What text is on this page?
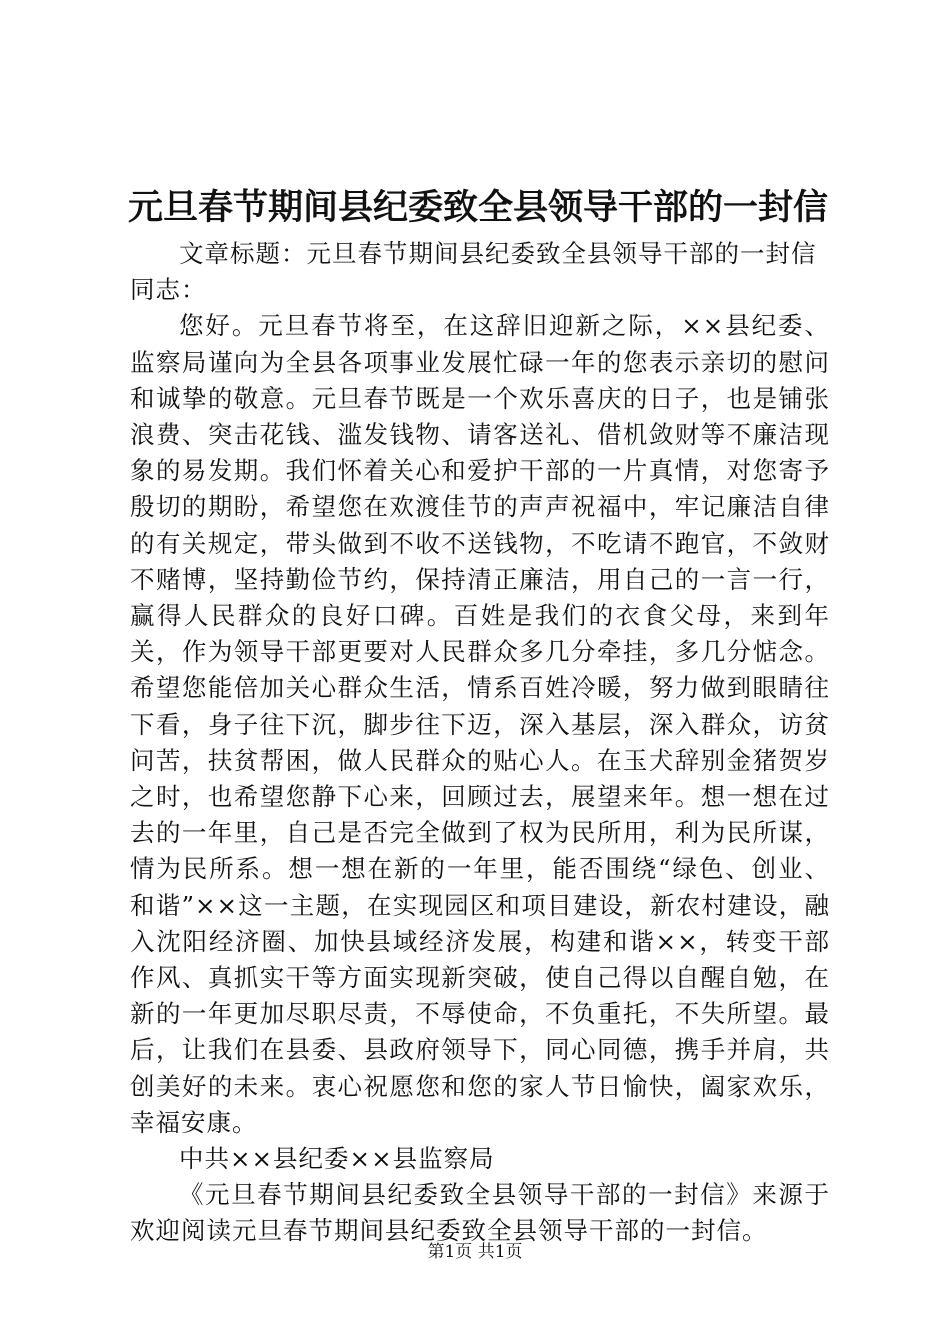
元旦春节期间县纪委致全县领导干部的一封信

文章标题：元旦春节期间县纪委致全县领导干部的一封信

同志：

您好。元旦春节将至，在这辞旧迎新之际，××县纪委、监察局谨向为全县各项事业发展忙碌一年的您表示亲切的慰问和诚挚的敬意。元旦春节既是一个欢乐喜庆的日子，也是铺张浪费、突击花钱、滥发钱物、请客送礼、借机敛财等不廉洁现象的易发期。我们怀着关心和爱护干部的一片真情，对您寄予殷切的期盼，希望您在欢渡佳节的声声祝福中，牢记廉洁自律的有关规定，带头做到不收不送钱物，不吃请不跑官，不敛财不赌博，坚持勤俭节约，保持清正廉洁，用自己的一言一行，赢得人民群众的良好口碑。百姓是我们的衣食父母，来到年关，作为领导干部更要对人民群众多几分牵挂，多几分惦念。希望您能倍加关心群众生活，情系百姓冷暖，努力做到眼睛往下看，身子往下沉，脚步往下迈，深入基层，深入群众，访贫问苦，扶贫帮困，做人民群众的贴心人。在玉犬辞别金猪贺岁之时，也希望您静下心来，回顾过去，展望来年。想一想在过去的一年里，自己是否完全做到了权为民所用，利为民所谋，情为民所系。想一想在新的一年里，能否围绕“绿色、创业、和谐”××这一主题，在实现园区和项目建设，新农村建设，融入沈阳经济圈、加快县域经济发展，构建和谐××，转变干部作风、真抓实干等方面实现新突破，使自己得以自醒自勉，在新的一年更加尽职尽责，不辱使命，不负重托，不失所望。最后，让我们在县委、县政府领导下，同心同德，携手并肩，共创美好的未来。衷心祝愿您和您的家人节日愉快，阖家欢乐，幸福安康。

中共××县纪委××县监察局

《元旦春节期间县纪委致全县领导干部的一封信》来源于欢迎阅读元旦春节期间县纪委致全县领导干部的一封信。

第1页 共1页
